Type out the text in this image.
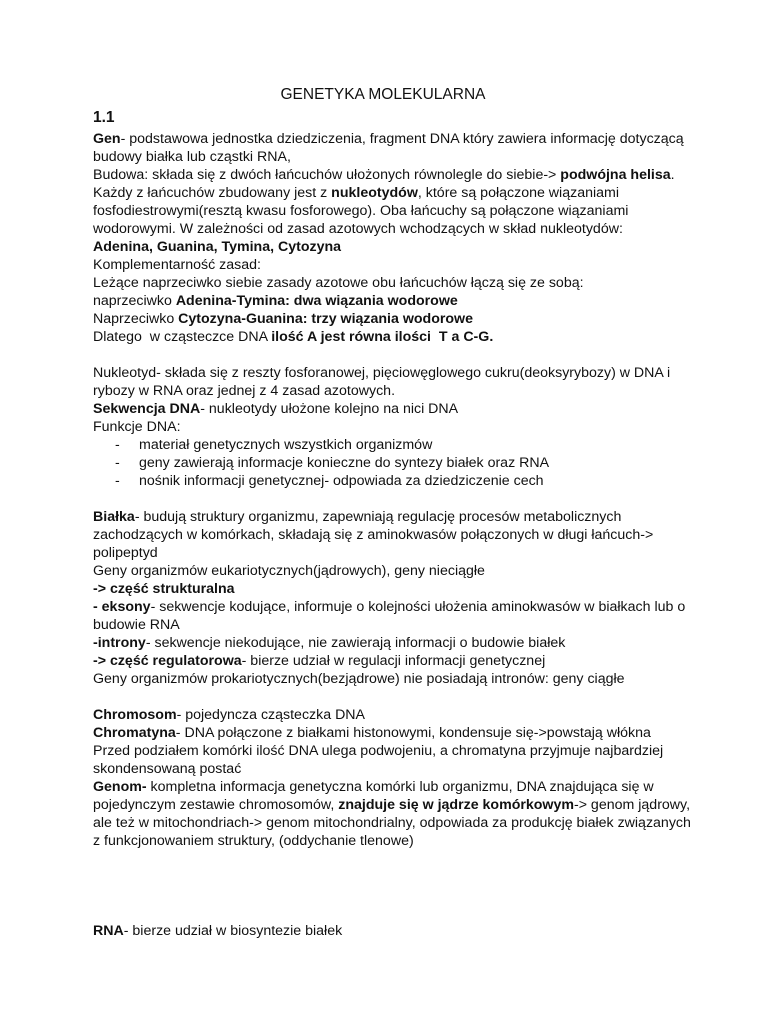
GENETYKA MOLEKULARNA
1.1

Gen- podstawowa jednostka dziedziczenia, fragment DNA który zawiera informację dotyczącą budowy białka lub cząstki RNA,

Budowa: składa się z dwóch łańcuchów ułożonych równolegle do siebie-> podwójna helisa.

Każdy z łańcuchów zbudowany jest z nukleotydów, które są połączone wiązaniami fosfodiestrowymi(resztą kwasu fosforowego). Oba łańcuchy są połączone wiązaniami wodorowymi. W zależności od zasad azotowych wchodzących w skład nukleotydów:

Adenina, Guanina, Tymina, Cytozyna

Komplementarność zasad:

Leżące naprzeciwko siebie zasady azotowe obu łańcuchów łączą się ze sobą:

naprzeciwko Adenina-Tymina: dwa wiązania wodorowe

Naprzeciwko Cytozyna-Guanina: trzy wiązania wodorowe

Dlatego  w cząsteczce DNA ilość A jest równa ilości  T a C-G.

Nukleotyd- składa się z reszty fosforanowej, pięciowęglowego cukru(deoksyrybozy) w DNA i rybozy w RNA oraz jednej z 4 zasad azotowych.

Sekwencja DNA- nukleotydy ułożone kolejno na nici DNA

Funkcje DNA:

- materiał genetycznych wszystkich organizmów
- geny zawierają informacje konieczne do syntezy białek oraz RNA
- nośnik informacji genetycznej- odpowiada za dziedziczenie cech

Białka- budują struktury organizmu, zapewniają regulację procesów metabolicznych zachodzących w komórkach, składają się z aminokwasów połączonych w długi łańcuch-> polipeptyd

Geny organizmów eukariotycznych(jądrowych), geny nieciągłe

-> część strukturalna

- eksony- sekwencje kodujące, informuje o kolejności ułożenia aminokwasów w białkach lub o budowie RNA

-introny- sekwencje niekodujące, nie zawierają informacji o budowie białek

-> część regulatorowa- bierze udział w regulacji informacji genetycznej

Geny organizmów prokariotycznych(bezjądrowe) nie posiadają intronów: geny ciągłe

Chromosom- pojedyncza cząsteczka DNA

Chromatyna- DNA połączone z białkami histonowymi, kondensuje się->powstają włókna

Przed podziałem komórki ilość DNA ulega podwojeniu, a chromatyna przyjmuje najbardziej skondensowaną postać

Genom- kompletna informacja genetyczna komórki lub organizmu, DNA znajdująca się w pojedynczym zestawie chromosomów, znajduje się w jądrze komórkowym-> genom jądrowy, ale też w mitochondriach-> genom mitochondrialny, odpowiada za produkcję białek związanych z funkcjonowaniem struktury, (oddychanie tlenowe)

RNA- bierze udział w biosyntezie białek
